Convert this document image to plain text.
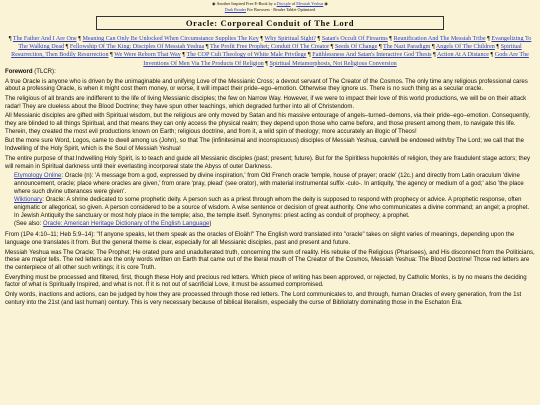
◉ Another Inspired Free E-Book by a Disciple of Messiah Yeshua ◉
Dark Reader For Browsers · Reader Tablet Optimized
Oracle: Corporeal Conduit of The Lord
¶ The Father And I Are One ¶ Meaning Can Only Be Unlocked When Circumstance Supplies The Key ¶ Why Spiritual Sight? ¶ Satan's Occult Of Firearms ¶ Reunification And The Messiah Tribe ¶ Evangelizing To The Walking Dead ¶ Fellowship Of The King: Disciples Of Messiah Yeshua ¶ The Profit Free Prophet; Conduit Of The Creator ¶ Seeds Of Change ¶ The Nazi Paradigm ¶ Angels Of The Children ¶ Spiritual Resurrection, Then Bodily Resurrection ¶ We Were Reborn That Way ¶ The COP Cult Theology of White Male Privilege ¶ Faithlessness And Satan's Interactive God Thesis ¶ Action At A Distance ¶ Gods Are The Inventions Of Men Via The Products Of Religion ¶ Spiritual Metamorphosis, Not Religious Conversion

Foreword (TLCR):

A true Oracle is anyone who is driven by the unimaginable and unifying Love of the Messianic Cross; a devout servant of The Creator of the Cosmos. The only time any religious professional cares about a professing Oracle, is when it might cost them money, or worse, it will impact their pride–ego–emotion. Otherwise they ignore us. There is no such thing as a secular oracle.

The religious of all brands are indifferent to the life of living Messianic disciples; the few on Narrow Way. However, if we were to impact their love of this world productions, we will be on their attack radar! They are clueless about the Blood Doctrine; they have spun other teachings, which degraded further into all of Christendom.

All Messianic disciples are gifted with Spiritual wisdom, but the religious are only moved by Satan and his massive entourage of angels–turned–demons, via their pride–ego–emotion. Consequently, they are blinded to all things Spiritual, and that means they can only access the physical realm; they depend upon those who came before, and those present among them, to navigate this life. Therein, they created the most evil productions known on Earth; religious doctrine, and from it, a wild spin of theology; more accurately an illogic of Theos!

But the more sure Word, Logos, came to dwell among us (John), so that The (infinitesimal and inconspicuous) disciples of Messiah Yeshua, can/will be endowed with/by The Lord; we call that the Indwelling of the Holy Spirit, which is the Soul of Messiah Yeshua!

The entire purpose of that Indwelling Holy Spirit, is to teach and guide all Messianic disciples (past; present; future). But for the Spiritless hupokrités of religion, they are fraudulent stage actors; they will remain in Spiritual darkness until their everlasting incorporeal state the Abyss of outer Darkness.

Etymology Online: Oracle (n): 'A message from a god, expressed by divine inspiration,' from Old French oracle 'temple, house of prayer; oracle' (12c.) and directly from Latin oraculum 'divine announcement, oracle; place where oracles are given,' from orare 'pray, plead' (see orator), with material instrumental suffix -culo-. In antiquity, 'the agency or medium of a god;' also 'the place where such divine utterances were given'.

Wiktionary: Oracle: A shrine dedicated to some prophetic deity. A person such as a priest through whom the deity is supposed to respond with prophecy or advice. A prophetic response, often enigmatic or allegorical, so given. A person considered to be a source of wisdom. A wise sentence or decision of great authority. One who communicates a divine command; an angel; a prophet. In Jewish Antiquity the sanctuary or most holy place in the temple; also, the temple itself. Synonyms: priest acting as conduit of prophecy; a prophet.

(See also: Oracle: American Heritage Dictionary of the English Language)

From (1Pe 4:10–11; Heb 5:9–14): "If anyone speaks, let them speak as the oracles of Eloäh!" The English word translated into "oracle" takes on slight varies of meanings, depending upon the language one translates it from. But the general theme is clear, especially for all Messianic disciples, past and present and future.

Messiah Yeshua was The Oracle; The Prophet; He orated pure and unadulterated truth, concerning the sum of reality. His rebuke of the Religious (Pharisees), and His disconnect from the Politicians, these are major tells. The red letters are the only words written on Earth that came out of the literal mouth of The Creator of the Cosmos, Messiah Yeshua: The Blood Doctrine! Those red letters are the centerpiece of all other such writings; it is core Truth.

Everything must be processed and filtered, first, though these Holy and precious red letters. Which piece of writing has been approved, or rejected, by Catholic Monks, is by no means the deciding factor of what is Spiritually Inspired, and what is not. If it is not out of sacrificial Love, it must be assumed compromised.

Only words, inactions and actions, can be judged by how they are processed through those red letters. The Lord communicates to, and through, human Oracles of every generation, from the 1st century into the 21st (and last human) century. This is very necessary because of biblical literalism, especially the curse of Bibliolatry dominating those in the Eschaton Era.
